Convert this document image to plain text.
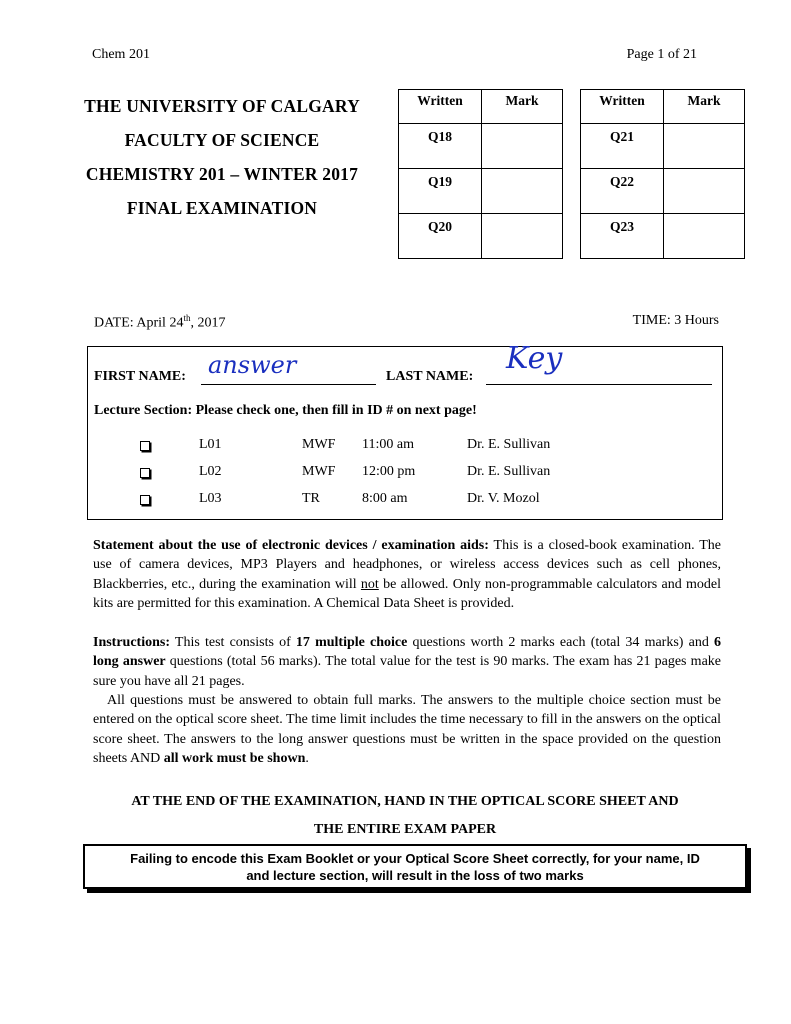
Chem 201	Page 1 of 21
THE UNIVERSITY OF CALGARY
FACULTY OF SCIENCE
CHEMISTRY 201 – WINTER 2017
FINAL EXAMINATION
Written	Mark
Q18	
Q19	
Q20	
Written	Mark
Q21	
Q22	
Q23	
DATE: April 24th, 2017	TIME: 3 Hours
FIRST NAME: answer	LAST NAME:
Key
Lecture Section: Please check one, then fill in ID # on next page!
L01	MWF 11:00 am	Dr. E. Sullivan
L02	MWF 12:00 pm	Dr. E. Sullivan
L03	TR	8:00 am	Dr. V. Mozol
Statement about the use of electronic devices / examination aids: This is a closed-book examination. The use of camera devices, MP3 Players and headphones, or wireless access devices such as cell phones, Blackberries, etc., during the examination will not be allowed. Only non-programmable calculators and model kits are permitted for this examination. A Chemical Data Sheet is provided.
Instructions: This test consists of 17 multiple choice questions worth 2 marks each (total 34 marks) and 6 long answer questions (total 56 marks). The total value for the test is 90 marks. The exam has 21 pages make sure you have all 21 pages.
All questions must be answered to obtain full marks. The answers to the multiple choice section must be entered on the optical score sheet. The time limit includes the time necessary to fill in the answers on the optical score sheet. The answers to the long answer questions must be written in the space provided on the question sheets AND all work must be shown.
AT THE END OF THE EXAMINATION, HAND IN THE OPTICAL SCORE SHEET AND
THE ENTIRE EXAM PAPER
Failing to encode this Exam Booklet or your Optical Score Sheet correctly, for your name, ID
and lecture section, will result in the loss of two marks
